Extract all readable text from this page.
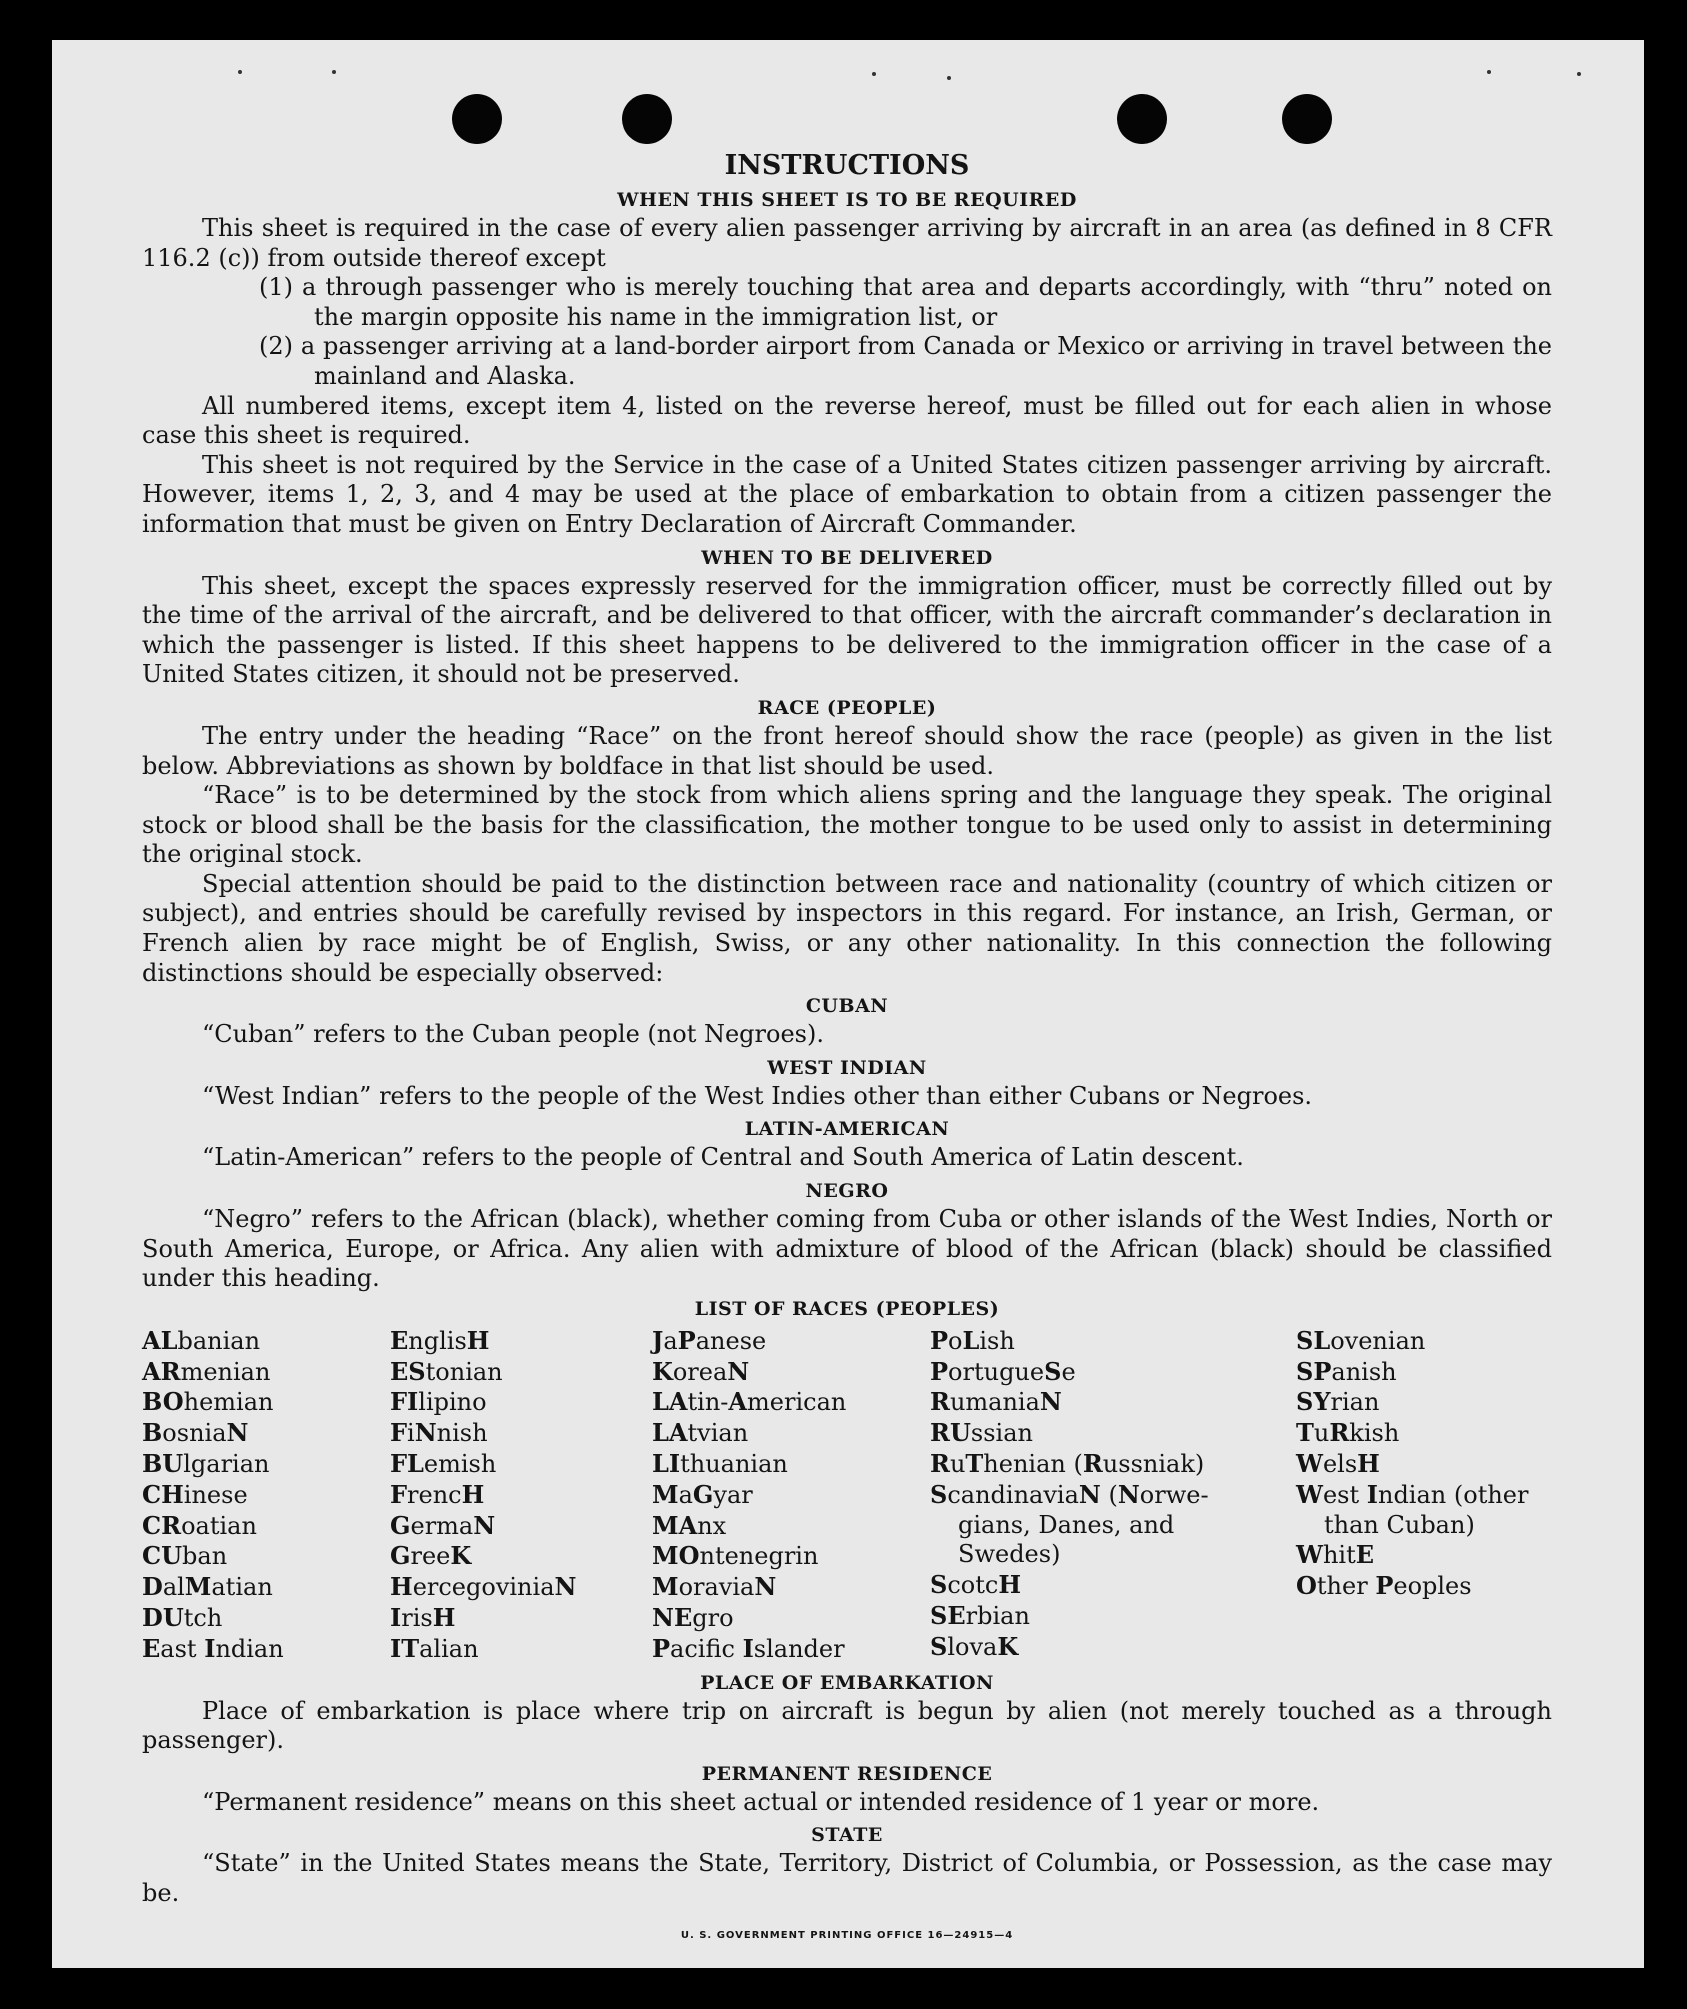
INSTRUCTIONS
WHEN THIS SHEET IS TO BE REQUIRED

This sheet is required in the case of every alien passenger arriving by aircraft in an area (as defined in 8 CFR 116.2 (c)) from outside thereof except

(1) a through passenger who is merely touching that area and departs accordingly, with “thru” noted on the margin opposite his name in the immigration list, or

(2) a passenger arriving at a land-border airport from Canada or Mexico or arriving in travel between the mainland and Alaska.

All numbered items, except item 4, listed on the reverse hereof, must be filled out for each alien in whose case this sheet is required.

This sheet is not required by the Service in the case of a United States citizen passenger arriving by aircraft. However, items 1, 2, 3, and 4 may be used at the place of embarkation to obtain from a citizen passenger the information that must be given on Entry Declaration of Aircraft Commander.

WHEN TO BE DELIVERED

This sheet, except the spaces expressly reserved for the immigration officer, must be correctly filled out by the time of the arrival of the aircraft, and be delivered to that officer, with the aircraft commander’s declaration in which the passenger is listed. If this sheet happens to be delivered to the immigration officer in the case of a United States citizen, it should not be preserved.

RACE (PEOPLE)

The entry under the heading “Race” on the front hereof should show the race (people) as given in the list below. Abbreviations as shown by boldface in that list should be used.

“Race” is to be determined by the stock from which aliens spring and the language they speak. The original stock or blood shall be the basis for the classification, the mother tongue to be used only to assist in determining the original stock.

Special attention should be paid to the distinction between race and nationality (country of which citizen or subject), and entries should be carefully revised by inspectors in this regard. For instance, an Irish, German, or French alien by race might be of English, Swiss, or any other nationality. In this connection the following distinctions should be especially observed:

CUBAN

“Cuban” refers to the Cuban people (not Negroes).

WEST INDIAN

“West Indian” refers to the people of the West Indies other than either Cubans or Negroes.

LATIN-AMERICAN

“Latin-American” refers to the people of Central and South America of Latin descent.

NEGRO

“Negro” refers to the African (black), whether coming from Cuba or other islands of the West Indies, North or South America, Europe, or Africa. Any alien with admixture of blood of the African (black) should be classified under this heading.

LIST OF RACES (PEOPLES)
ALbanian
ARmenian
BOhemian
BosniaN
BUlgarian
CHinese
CRoatian
CUban
DalMatian
DUtch
East Indian
EnglisH
EStonian
FIlipino
FiNnish
FLemish
FrencH
GermaN
GreeK
HercegoviniaN
IrisH
ITalian
JaPanese
KoreaN
LAtin-American
LAtvian
LIthuanian
MaGyar
MAnx
MOntenegrin
MoraviaN
NEgro
Pacific Islander
PoLish
PortugueSe
RumaniaN
RUssian
RuThenian (Russniak)
ScandinaviaN (Norwe-
gians, Danes, and
Swedes)
ScotcH
SErbian
SlovaK
SLovenian
SPanish
SYrian
TuRkish
WelsH
West Indian (other
than Cuban)
WhitE
Other Peoples
PLACE OF EMBARKATION

Place of embarkation is place where trip on aircraft is begun by alien (not merely touched as a through passenger).

PERMANENT RESIDENCE

“Permanent residence” means on this sheet actual or intended residence of 1 year or more.

STATE

“State” in the United States means the State, Territory, District of Columbia, or Possession, as the case may be.

U. S. GOVERNMENT PRINTING OFFICE 16—24915—4
